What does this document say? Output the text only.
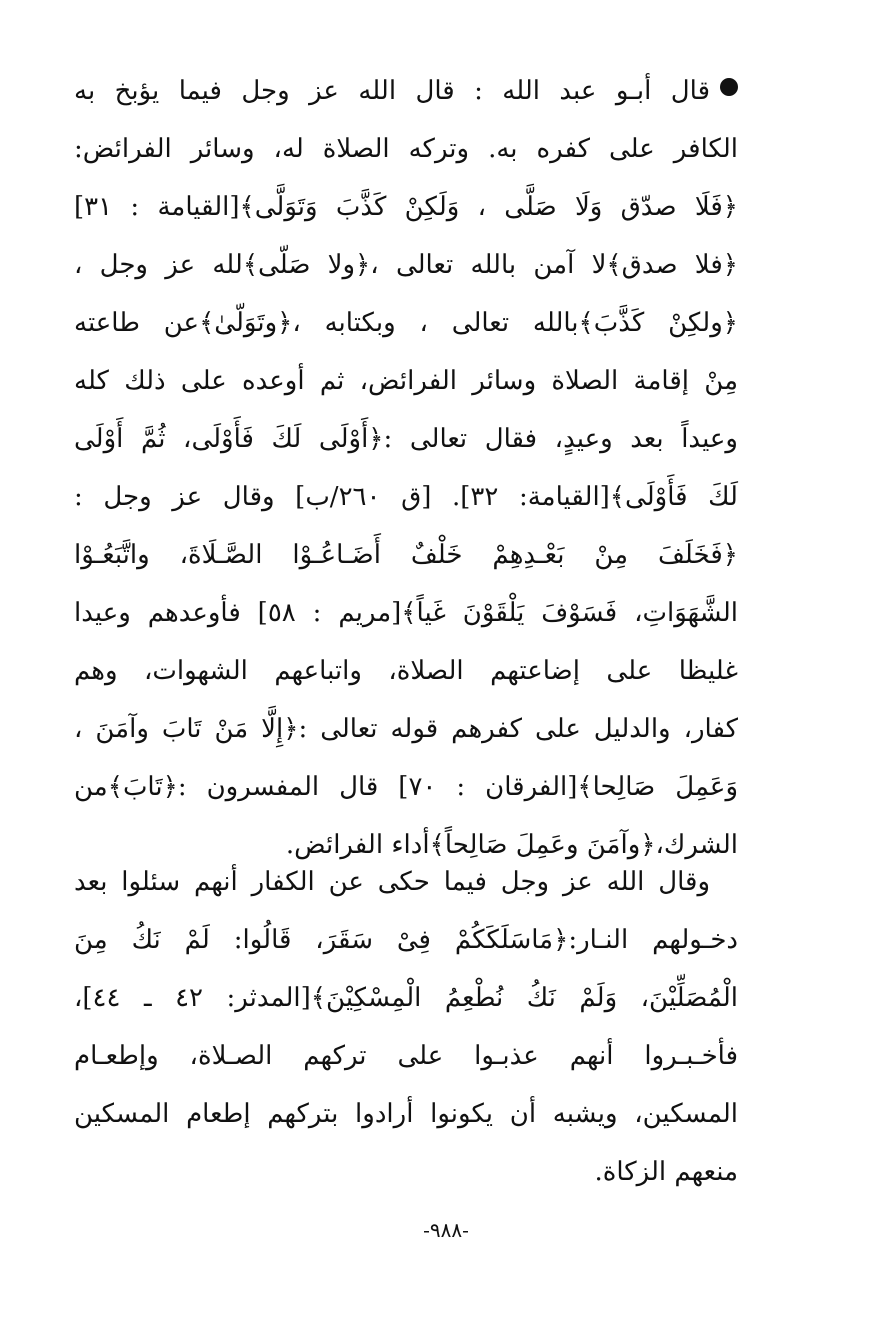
قال أبـو عبد الله : قال الله عز وجل فيما يؤبخ به
الكافر على كفره به. وتركه الصلاة له، وسائر الفرائض:
﴿فَلَا صدّق وَلَا صَلَّى ، وَلَكِنْ كَذَّبَ وَتَوَلَّى﴾[القيامة : ٣١]
﴿فلا صدق﴾لا آمن بالله تعالى ،﴿ولا صَلّى﴾لله عز وجل ،
﴿ولكِنْ كَذَّبَ﴾بالله تعالى ، وبكتابه ،﴿وتَوَلّىٰ﴾عن طاعته
مِنْ إقامة الصلاة وسائر الفرائض، ثم أوعده على ذلك كله
وعيداً بعد وعيدٍ، فقال تعالى :﴿أَوْلَى لَكَ فَأَوْلَى، ثُمَّ أَوْلَى
لَكَ فَأَوْلَى﴾[القيامة: ٣٢]. [ق ٢٦٠/ب] وقال عز وجل :
﴿فَخَلَفَ مِنْ بَعْـدِهِمْ خَلْفٌ أَضَـاعُـوْا الصَّـلَاةَ، واتَّبَعُـوْا
الشَّهَوَاتِ، فَسَوْفَ يَلْقَوْنَ غَياً﴾[مريم : ٥٨] فأوعدهم وعيدا
غليظا على إضاعتهم الصلاة، واتباعهم الشهوات، وهم
كفار، والدليل على كفرهم قوله تعالى :﴿إِلَّا مَنْ تَابَ وآمَنَ ،
وَعَمِلَ صَالِحا﴾[الفرقان : ٧٠] قال المفسرون :﴿تَابَ﴾من
الشرك،﴿وآمَنَ وعَمِلَ صَالِحاً﴾أداء الفرائض.
وقال الله عز وجل فيما حكى عن الكفار أنهم سئلوا بعد
دخـولهم النـار:﴿مَاسَلَكَكُمْ فِىْ سَقَرَ، قَالُوا: لَمْ نَكُ مِنَ
الْمُصَلِّيْنَ، وَلَمْ نَكُ نُطْعِمُ الْمِسْكِيْنَ﴾[المدثر: ٤٢ ـ ٤٤]،
فأخـبـروا أنهم عذبـوا على تركهم الصـلاة، وإطعـام
المسكين، ويشبه أن يكونوا أرادوا بتركهم إطعام المسكين
منعهم الزكاة.
-٩٨٨-
